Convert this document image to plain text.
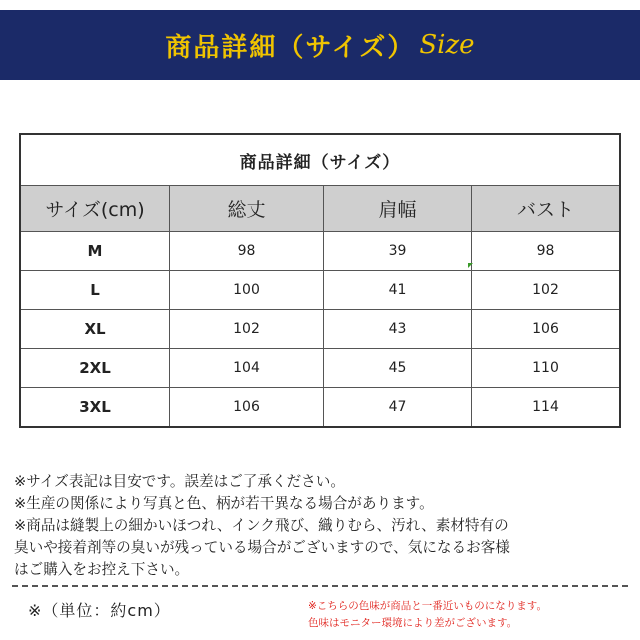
商品詳細（サイズ） Size
商品詳細（サイズ）
サイズ(cm)	総丈	肩幅	バスト
M	98	39	98
L	100	41	102
XL	102	43	106
2XL	104	45	110
3XL	106	47	114
※サイズ表記は目安です。誤差はご了承ください。
※生産の関係により写真と色、柄が若干異なる場合があります。
※商品は縫製上の細かいほつれ、インク飛び、織りむら、汚れ、素材特有の
臭いや接着剤等の臭いが残っている場合がございますので、気になるお客様
はご購入をお控え下さい。
※（単位：約cm）	※こちらの色味が商品と一番近いものになります。
色味はモニター環境により差がございます。
